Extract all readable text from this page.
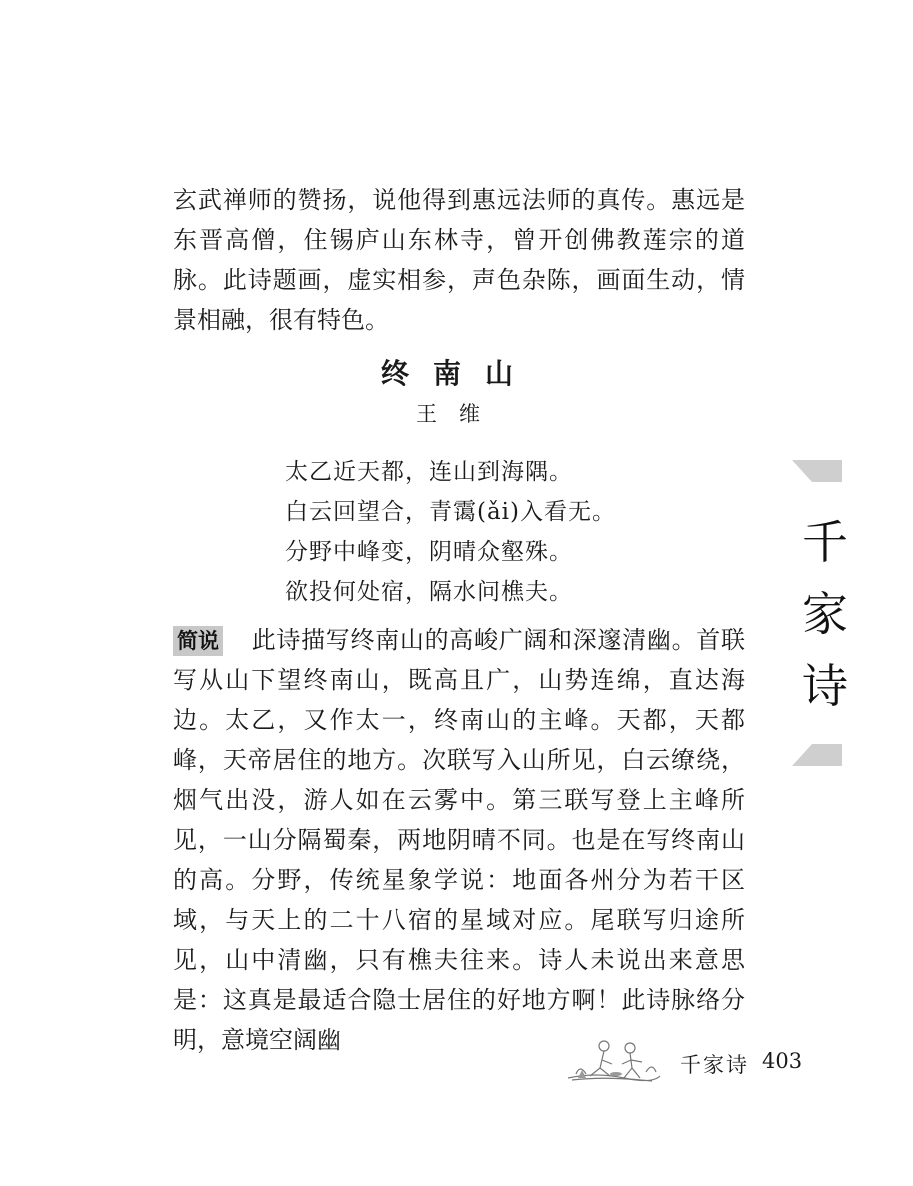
玄武禅师的赞扬，说他得到惠远法师的真传。惠远是东晋高僧，住锡庐山东林寺，曾开创佛教莲宗的道脉。此诗题画，虚实相参，声色杂陈，画面生动，情景相融，很有特色。

终南山

王维

太乙近天都，连山到海隅。
白云回望合，青霭(ǎi)入看无。
分野中峰变，阴晴众壑殊。
欲投何处宿，隔水问樵夫。

简说 此诗描写终南山的高峻广阔和深邃清幽。首联写从山下望终南山，既高且广，山势连绵，直达海边。太乙，又作太一，终南山的主峰。天都，天都峰，天帝居住的地方。次联写入山所见，白云缭绕，烟气出没，游人如在云雾中。第三联写登上主峰所见，一山分隔蜀秦，两地阴晴不同。也是在写终南山的高。分野，传统星象学说：地面各州分为若干区域，与天上的二十八宿的星域对应。尾联写归途所见，山中清幽，只有樵夫往来。诗人未说出来意思是：这真是最适合隐士居住的好地方啊！此诗脉络分明，意境空阔幽

千
家
诗

千家诗 403
